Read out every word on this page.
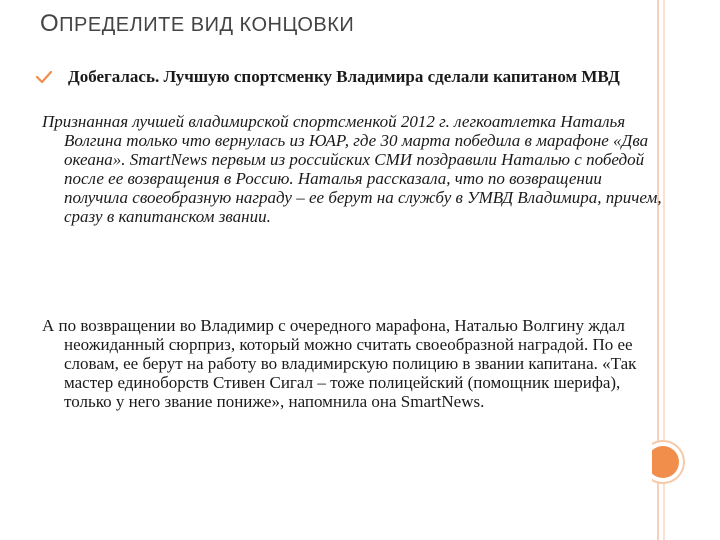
ОПРЕДЕЛИТЕ ВИД КОНЦОВКИ
Добегалась. Лучшую спортсменку Владимира сделали капитаном МВД

Признанная лучшей владимирской спортсменкой 2012 г. легкоатлетка Наталья Волгина только что вернулась из ЮАР, где 30 марта победила в марафоне «Два океана». SmartNews первым из российских СМИ поздравили Наталью с победой после ее возвращения в Россию. Наталья рассказала, что по возвращении получила своеобразную награду – ее берут на службу в УМВД Владимира, причем, сразу в капитанском звании.

А по возвращении во Владимир с очередного марафона, Наталью Волгину ждал неожиданный сюрприз, который можно считать своеобразной наградой. По ее словам, ее берут на работу во владимирскую полицию в звании капитана. «Так мастер единоборств Стивен Сигал – тоже полицейский (помощник шерифа), только у него звание пониже», напомнила она SmartNews.
